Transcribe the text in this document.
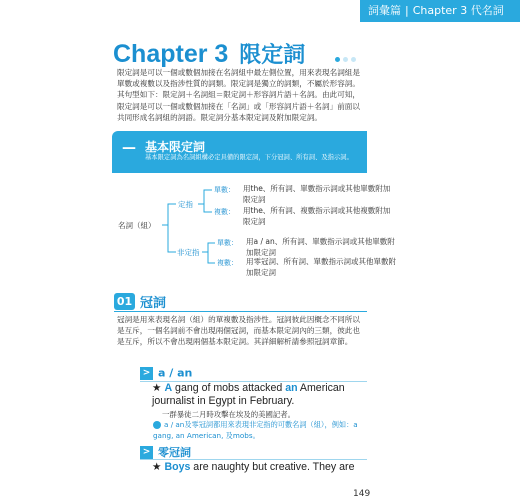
詞彙篇 | Chapter 3 代名詞
Chapter 3 限定詞
限定詞是可以一個或數個加接在名詞組中最左側位置，用來表現名詞組是單數或複數以及指涉性質的詞類。限定詞是獨立的詞類，不屬於形容詞。其句型如下：限定詞＋名詞組＝限定詞＋形容詞片語＋名詞。由此可知，限定詞是可以一個或數個加接在「名詞」或「形容詞片語＋名詞」前面以共同形成名詞組的詞語。限定詞分基本限定詞及附加限定詞。
— 基本限定詞
基本限定詞為名詞組構必定具備的限定詞，下分冠詞、所有詞、及指示詞。
名詞（組）
定指
單數： 用the、所有詞、單數指示詞或其他單數附加限定詞
複數： 用the、所有詞、複數指示詞或其他複數附加限定詞
非定指
單數： 用a / an、所有詞、單數指示詞或其他單數附加限定詞
複數： 用零冠詞、所有詞、單數指示詞或其他單數附加限定詞
01 冠詞
冠詞是用來表現名詞（組）的單複數及指涉性。冠詞彼此因概念不同所以是互斥，一個名詞前不會出現兩個冠詞，而基本限定詞內的三類，彼此也是互斥，所以不會出現兩個基本限定詞。其詳細解析請參照冠詞章節。
> a / an
★ A gang of mobs attacked an American journalist in Egypt in February.
一群暴徒二月時攻擊在埃及的美國記者。
a / an及零冠詞都用來表現非定指的可數名詞（組），例如：a gang, an American, 及mobs。
> 零冠詞
★ Boys are naughty but creative. They are
149
